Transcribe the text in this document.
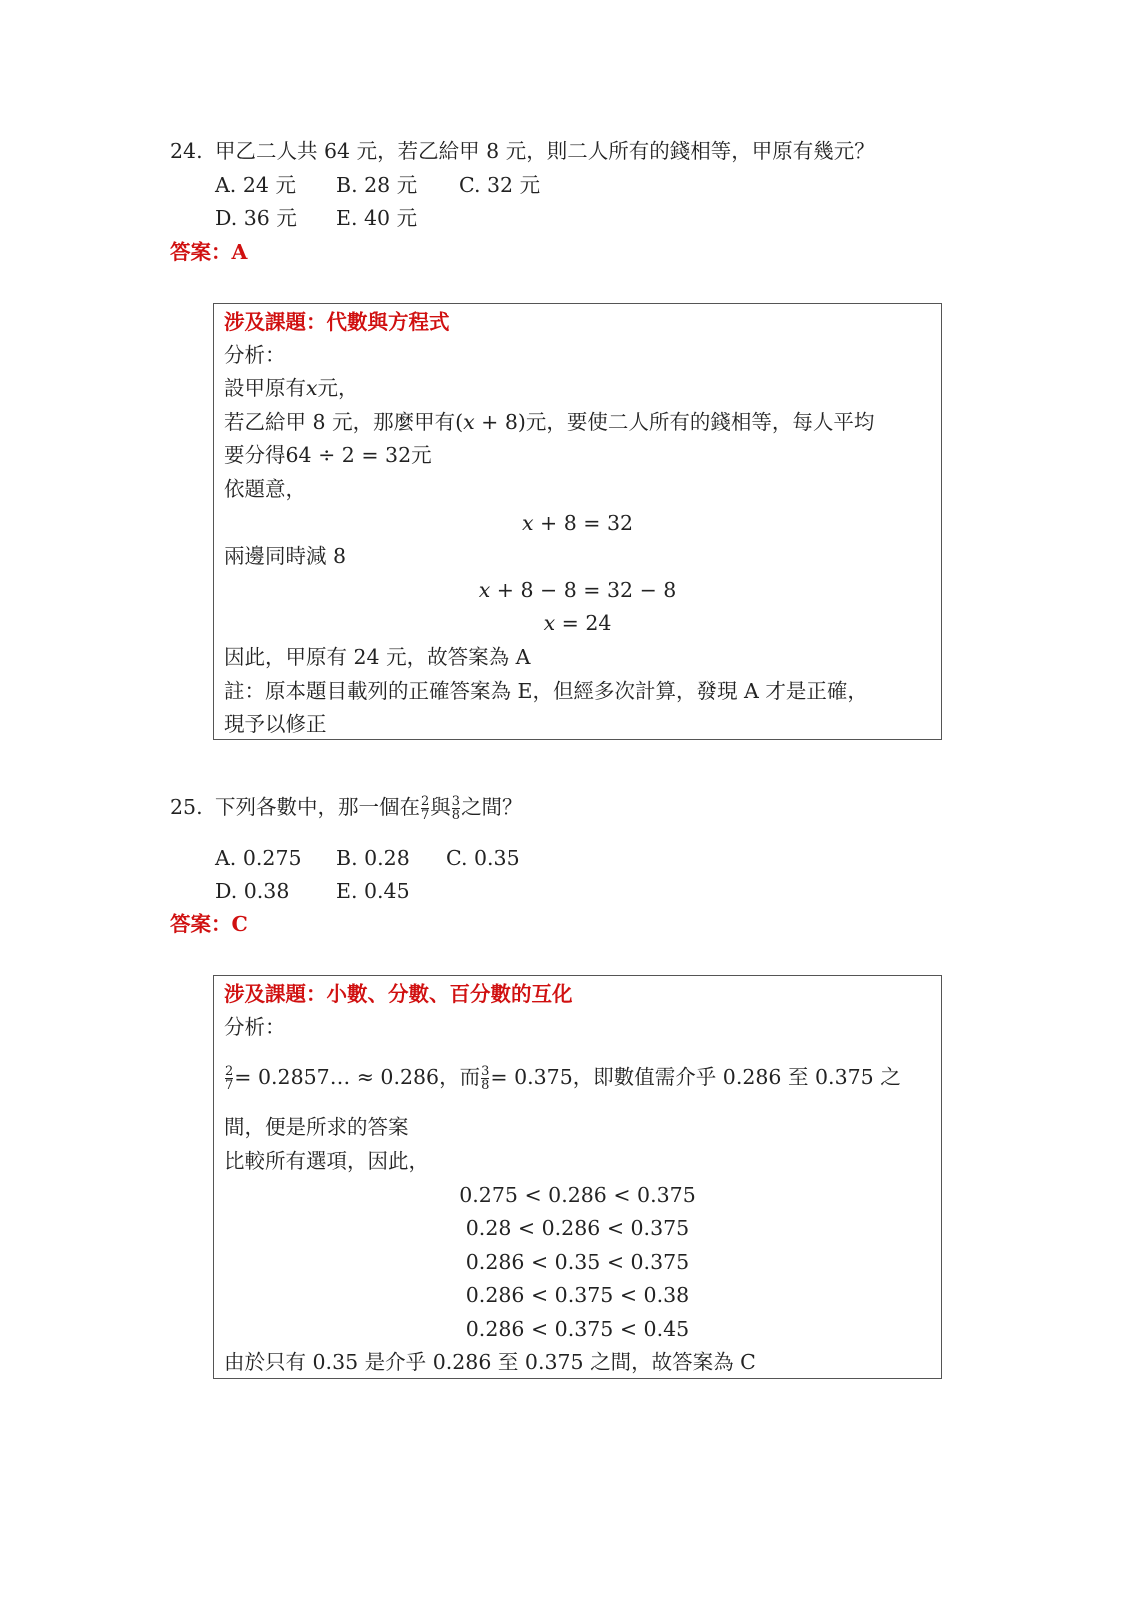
24. 甲乙二人共 64 元，若乙給甲 8 元，則二人所有的錢相等，甲原有幾元？
A. 24 元 B. 28 元 C. 32 元
D. 36 元 E. 40 元
答案：A
涉及課題：代數與方程式
分析：
設甲原有𝑥元，
若乙給甲 8 元，那麼甲有(𝑥 + 8)元，要使二人所有的錢相等，每人平均
要分得64 ÷ 2 = 32元
依題意，
𝑥 + 8 = 32
兩邊同時減 8
𝑥 + 8 − 8 = 32 − 8
𝑥 = 24
因此，甲原有 24 元，故答案為 A
註：原本題目載列的正確答案為 E，但經多次計算，發現 A 才是正確，
現予以修正
25. 下列各數中，那一個在 $\frac{2}{7}$ 與 $\frac{3}{8}$ 之間？
A. 0.275 B. 0.28 C. 0.35
D. 0.38 E. 0.45
答案：C
涉及課題：小數、分數、百分數的互化
分析：
$\frac{2}{7}$ = 0.2857… ≈ 0.286，而 $\frac{3}{8} = 0.375$，即數值需介乎 0.286 至 0.375 之
間，便是所求的答案
比較所有選項，因此，
0.275 < 0.286 < 0.375
0.28 < 0.286 < 0.375
0.286 < 0.35 < 0.375
0.286 < 0.375 < 0.38
0.286 < 0.375 < 0.45
由於只有 0.35 是介乎 0.286 至 0.375 之間，故答案為 C
